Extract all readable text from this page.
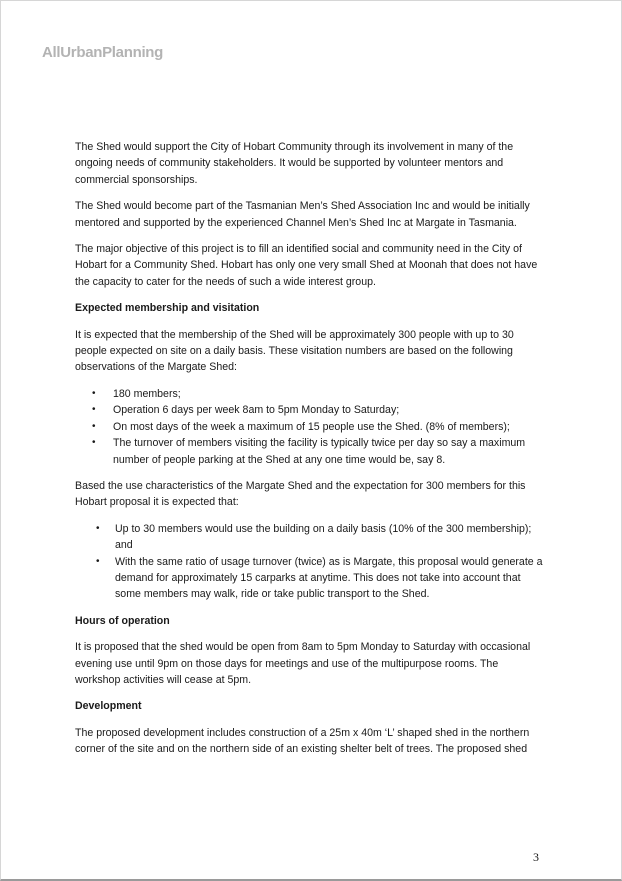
AllUrbanPlanning

The Shed would support the City of Hobart Community through its involvement in many of the ongoing needs of community stakeholders. It would be supported by volunteer mentors and commercial sponsorships.

The Shed would become part of the Tasmanian Men’s Shed Association Inc and would be initially mentored and supported by the experienced Channel Men’s Shed Inc at Margate in Tasmania.

The major objective of this project is to fill an identified social and community need in the City of Hobart for a Community Shed. Hobart has only one very small Shed at Moonah that does not have the capacity to cater for the needs of such a wide interest group.

Expected membership and visitation

It is expected that the membership of the Shed will be approximately 300 people with up to 30 people expected on site on a daily basis. These visitation numbers are based on the following observations of the Margate Shed:

• 180 members;
• Operation 6 days per week 8am to 5pm Monday to Saturday;
• On most days of the week a maximum of 15 people use the Shed. (8% of members);
• The turnover of members visiting the facility is typically twice per day so say a maximum number of people parking at the Shed at any one time would be, say 8.

Based the use characteristics of the Margate Shed and the expectation for 300 members for this Hobart proposal it is expected that:

• Up to 30 members would use the building on a daily basis (10% of the 300 membership); and
• With the same ratio of usage turnover (twice) as is Margate, this proposal would generate a demand for approximately 15 carparks at anytime. This does not take into account that some members may walk, ride or take public transport to the Shed.
Hours of operation

It is proposed that the shed would be open from 8am to 5pm Monday to Saturday with occasional evening use until 9pm on those days for meetings and use of the multipurpose rooms. The workshop activities will cease at 5pm.

Development

The proposed development includes construction of a 25m x 40m ‘L’ shaped shed in the northern corner of the site and on the northern side of an existing shelter belt of trees. The proposed shed

3
